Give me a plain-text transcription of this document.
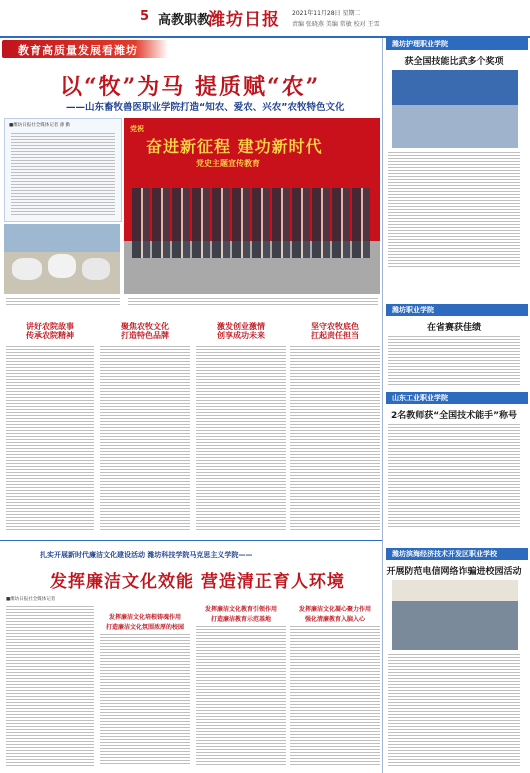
5 高教职教
潍坊日报 2021年11月28日 星期二
责编 张晓燕 美编 常敏 校对 王雪
教育高质量发展看潍坊
以“牧”为马 提质赋“农”
——山东畜牧兽医职业学院打造“知农、爱农、兴农”农牧特色文化
■潍坊日报社全媒体记者 薄 勤
奋进新征程 建功新时代
党史主题宣传教育
党祝
讲好农院故事
传承农院精神
聚焦农牧文化
打造特色品牌
激发创业激情
创享成功未来
坚守农牧底色
扛起责任担当
扎实开展新时代廉洁文化建设活动 潍坊科技学院马克思主义学院——
发挥廉洁文化效能 营造清正育人环境
■潍坊日报社全媒体记者
发挥廉洁文化培根铸魂作用
打造廉洁文化氛围浓厚的校园
发挥廉洁文化教育引领作用
打造廉洁教育示范基地
发挥廉洁文化凝心聚力作用
强化清廉教育入脑入心
潍坊护理职业学院
获全国技能比武多个奖项
潍坊职业学院
在省赛获佳绩
山东工业职业学院
2名教师获“全国技术能手”称号
潍坊滨海经济技术开发区职业学校
开展防范电信网络诈骗进校园活动
